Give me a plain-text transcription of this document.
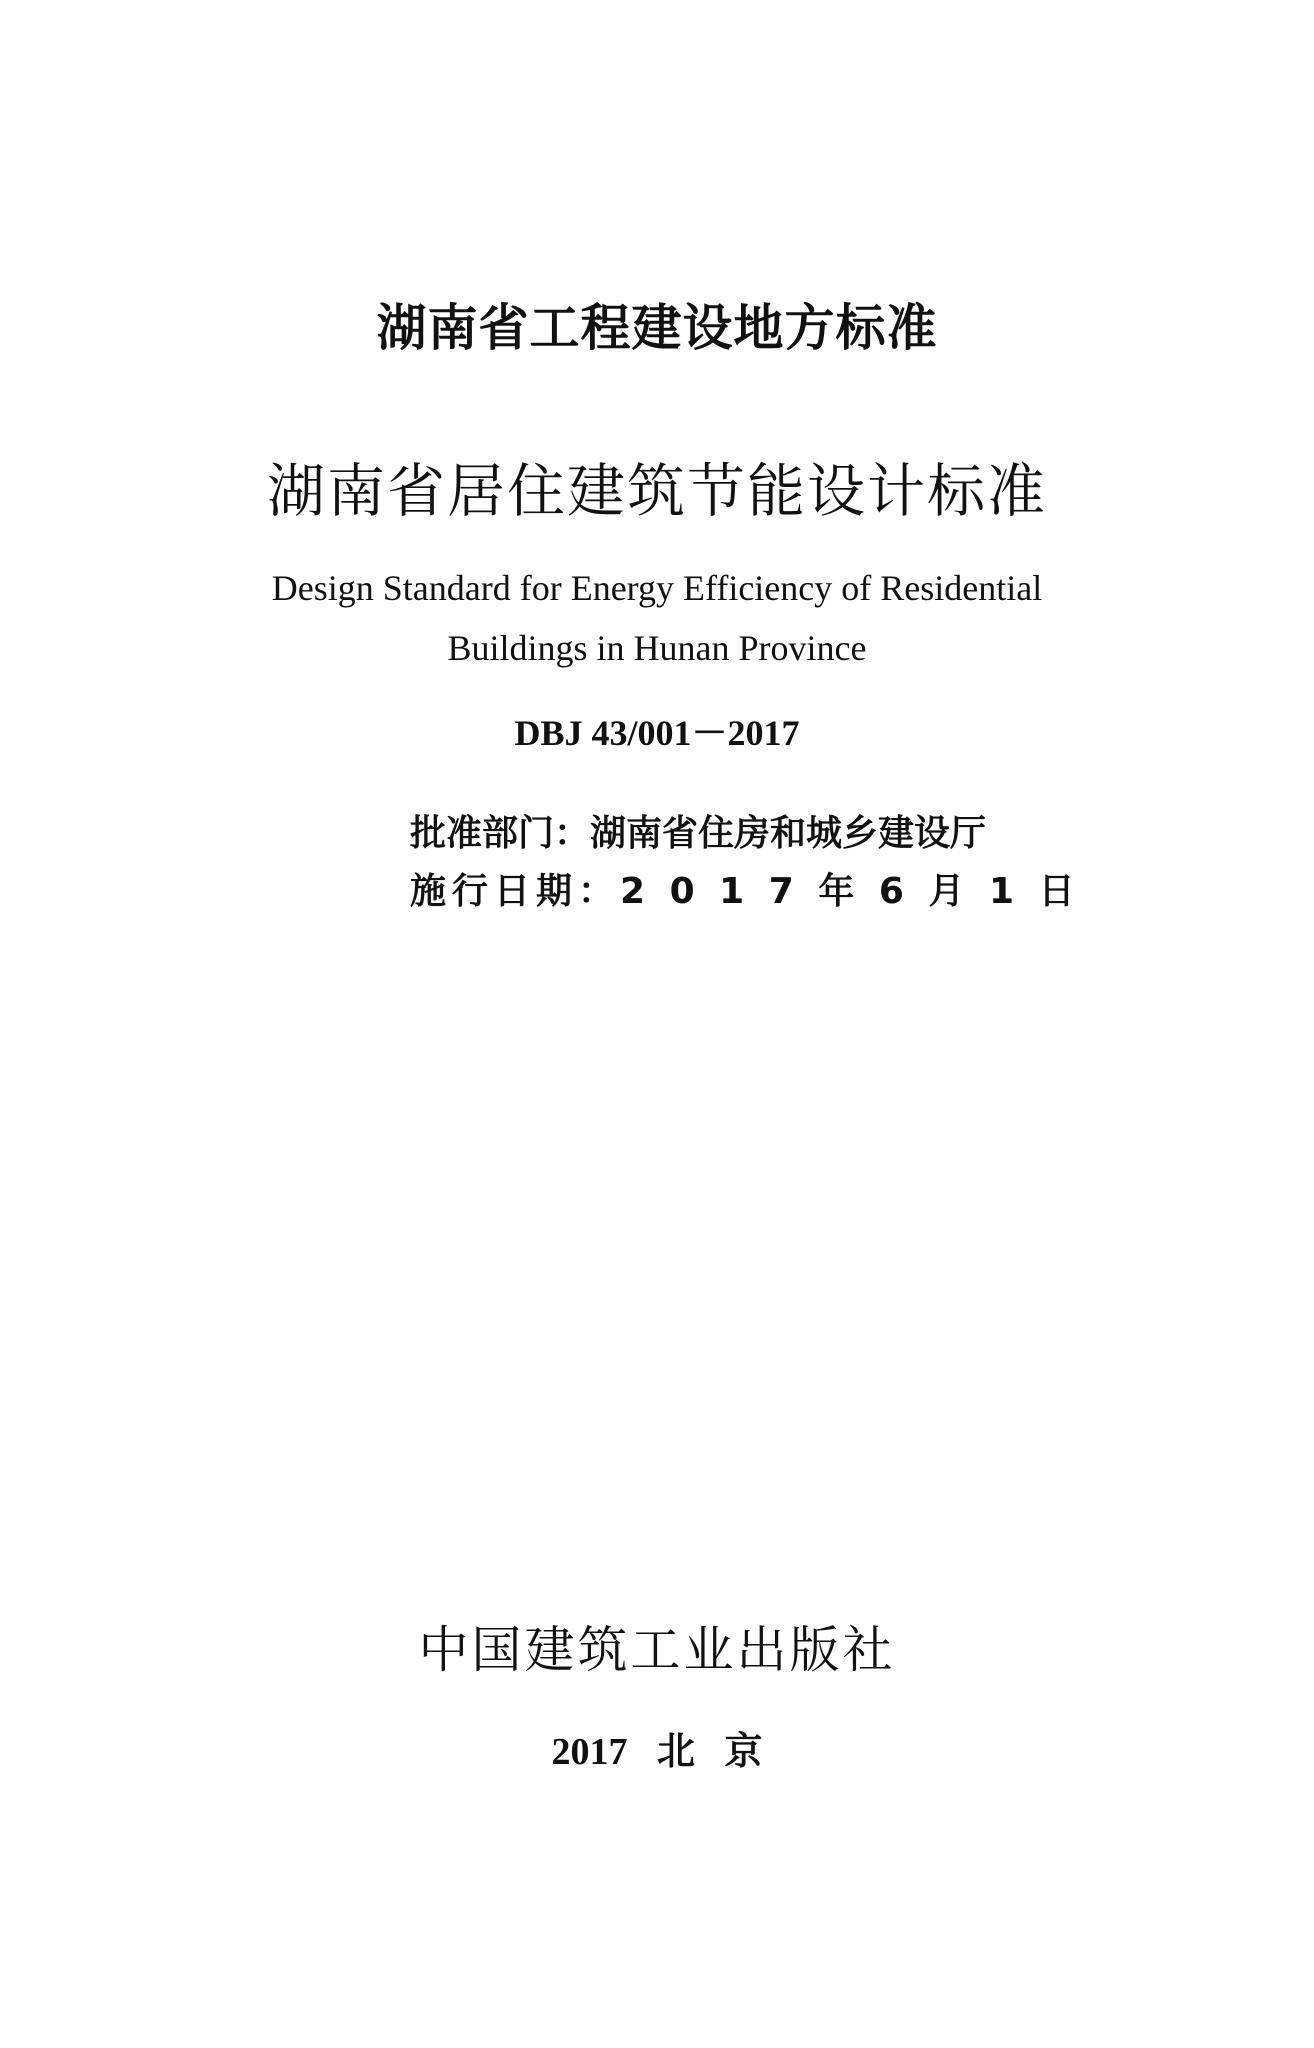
湖南省工程建设地方标准
湖南省居住建筑节能设计标准
Design Standard for Energy Efficiency of Residential
Buildings in Hunan Province
DBJ 43/001－2017
批准部门：湖南省住房和城乡建设厅
施行日期：2 0 1 7 年 6 月 1 日
中国建筑工业出版社
2017 北 京
